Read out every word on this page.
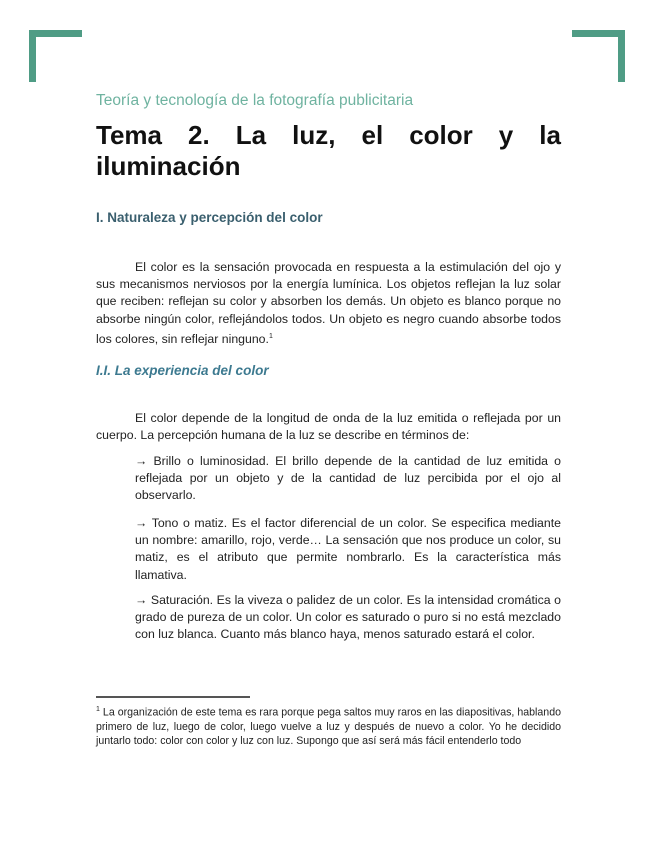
Teoría y tecnología de la fotografía publicitaria
Tema 2. La luz, el color y la iluminación
I. Naturaleza y percepción del color

El color es la sensación provocada en respuesta a la estimulación del ojo y sus mecanismos nerviosos por la energía lumínica. Los objetos reflejan la luz solar que reciben: reflejan su color y absorben los demás. Un objeto es blanco porque no absorbe ningún color, reflejándolos todos. Un objeto es negro cuando absorbe todos los colores, sin reflejar ninguno.$^1$

I.I. La experiencia del color

El color depende de la longitud de onda de la luz emitida o reflejada por un cuerpo. La percepción humana de la luz se describe en términos de:

→ Brillo o luminosidad. El brillo depende de la cantidad de luz emitida o reflejada por un objeto y de la cantidad de luz percibida por el ojo al observarlo.

→ Tono o matiz. Es el factor diferencial de un color. Se especifica mediante un nombre: amarillo, rojo, verde… La sensación que nos produce un color, su matiz, es el atributo que permite nombrarlo. Es la característica más llamativa.

→ Saturación. Es la viveza o palidez de un color. Es la intensidad cromática o grado de pureza de un color. Un color es saturado o puro si no está mezclado con luz blanca. Cuanto más blanco haya, menos saturado estará el color.

$^1$ La organización de este tema es rara porque pega saltos muy raros en las diapositivas, hablando primero de luz, luego de color, luego vuelve a luz y después de nuevo a color. Yo he decidido juntarlo todo: color con color y luz con luz. Supongo que así será más fácil entenderlo todo
